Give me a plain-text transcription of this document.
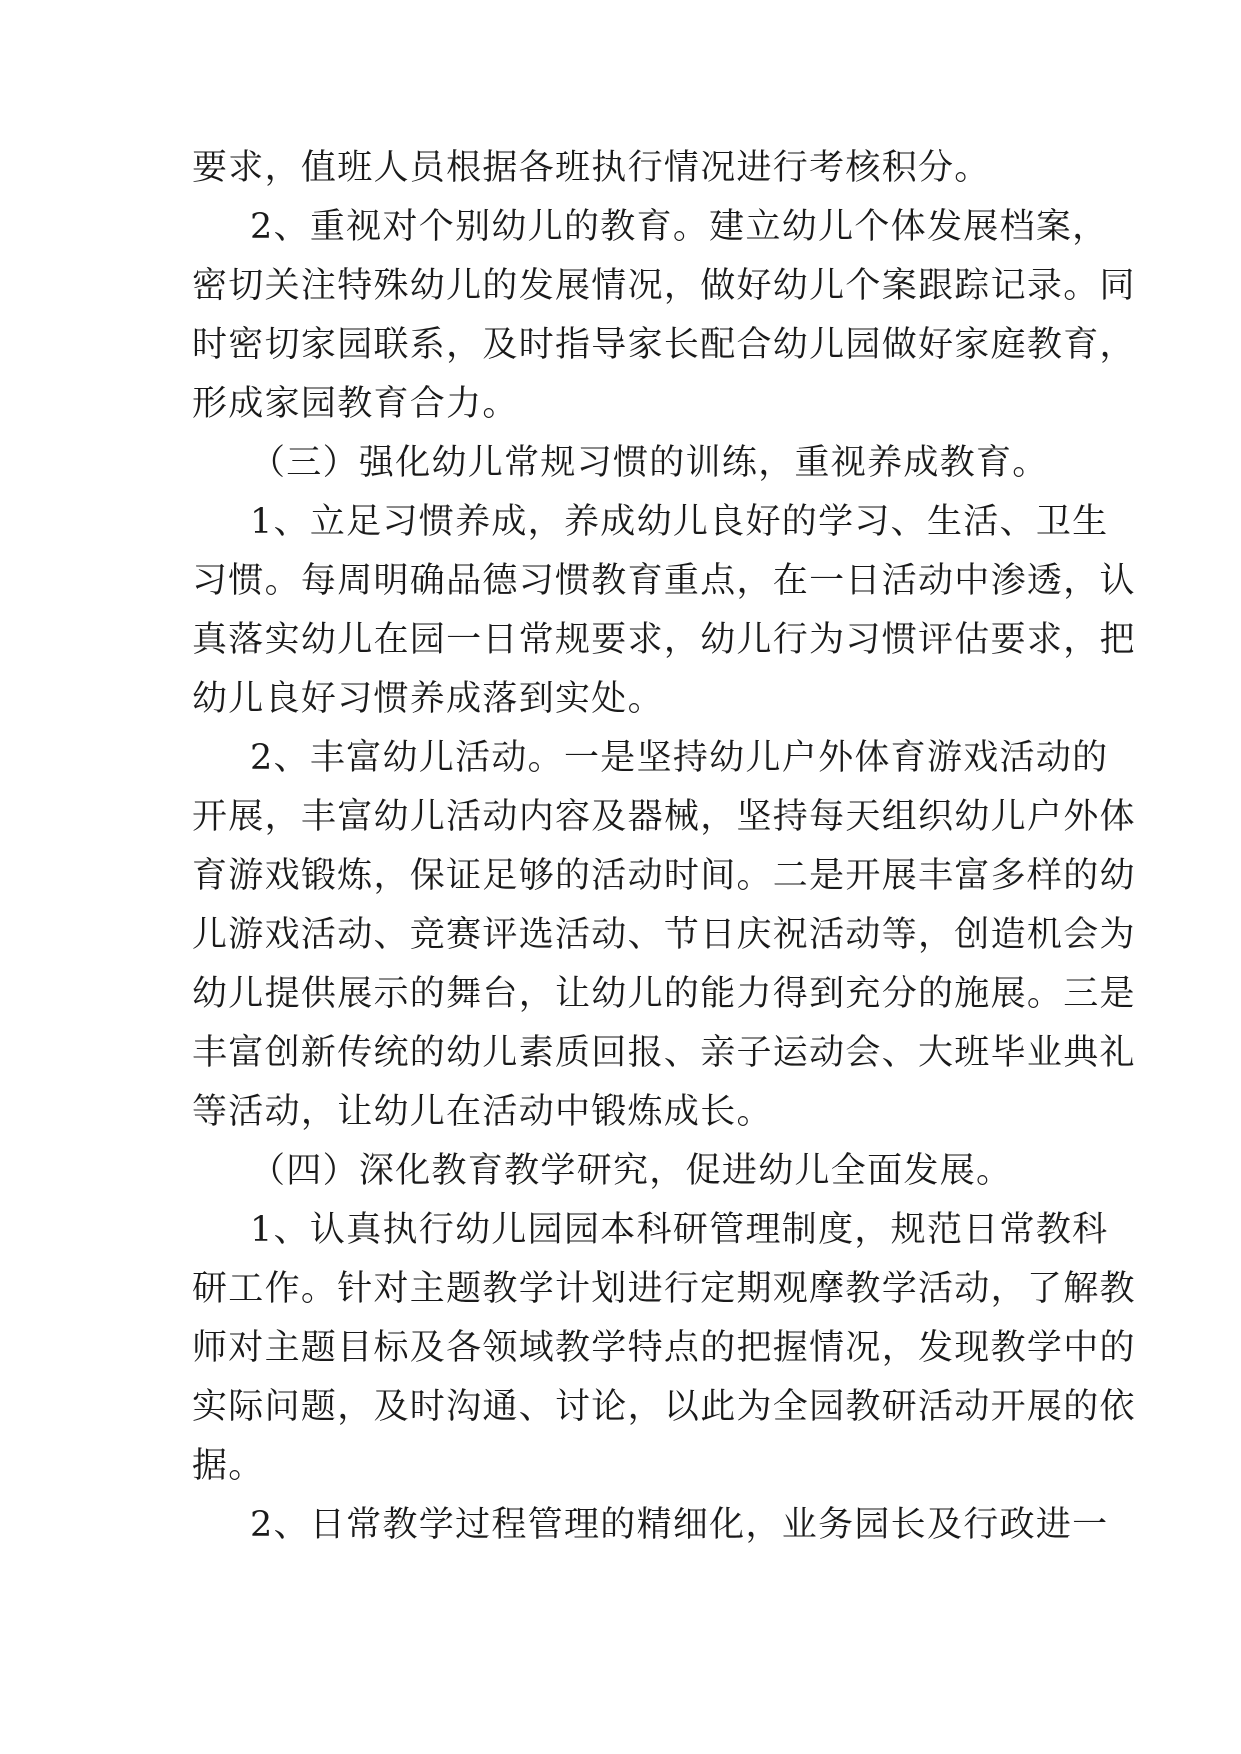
要求，值班人员根据各班执行情况进行考核积分。
2、重视对个别幼儿的教育。建立幼儿个体发展档案，
密切关注特殊幼儿的发展情况，做好幼儿个案跟踪记录。同
时密切家园联系，及时指导家长配合幼儿园做好家庭教育，
形成家园教育合力。
（三）强化幼儿常规习惯的训练，重视养成教育。
1、立足习惯养成，养成幼儿良好的学习、生活、卫生
习惯。每周明确品德习惯教育重点，在一日活动中渗透，认
真落实幼儿在园一日常规要求，幼儿行为习惯评估要求，把
幼儿良好习惯养成落到实处。
2、丰富幼儿活动。一是坚持幼儿户外体育游戏活动的
开展，丰富幼儿活动内容及器械，坚持每天组织幼儿户外体
育游戏锻炼，保证足够的活动时间。二是开展丰富多样的幼
儿游戏活动、竞赛评选活动、节日庆祝活动等，创造机会为
幼儿提供展示的舞台，让幼儿的能力得到充分的施展。三是
丰富创新传统的幼儿素质回报、亲子运动会、大班毕业典礼
等活动，让幼儿在活动中锻炼成长。
（四）深化教育教学研究，促进幼儿全面发展。
1、认真执行幼儿园园本科研管理制度，规范日常教科
研工作。针对主题教学计划进行定期观摩教学活动，了解教
师对主题目标及各领域教学特点的把握情况，发现教学中的
实际问题，及时沟通、讨论，以此为全园教研活动开展的依
据。
2、日常教学过程管理的精细化，业务园长及行政进一
